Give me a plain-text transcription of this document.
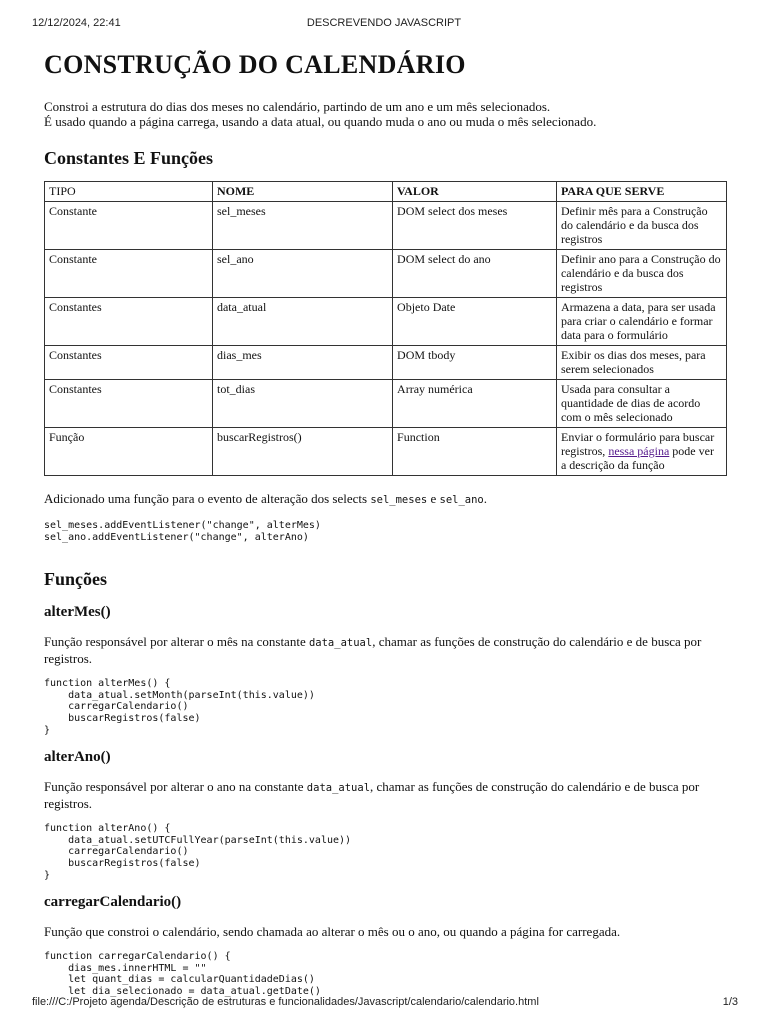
12/12/2024, 22:41	DESCREVENDO JAVASCRIPT
CONSTRUÇÃO DO CALENDÁRIO

Constroi a estrutura do dias dos meses no calendário, partindo de um ano e um mês selecionados.
É usado quando a página carrega, usando a data atual, ou quando muda o ano ou muda o mês selecionado.

Constantes E Funções
TIPO	NOME	VALOR	PARA QUE SERVE
Constante	sel_meses	DOM select dos meses	Definir mês para a Construção do calendário e da busca dos registros
Constante	sel_ano	DOM select do ano	Definir ano para a Construção do calendário e da busca dos registros
Constantes	data_atual	Objeto Date	Armazena a data, para ser usada para criar o calendário e formar data para o formulário
Constantes	dias_mes	DOM tbody	Exibir os dias dos meses, para serem selecionados
Constantes	tot_dias	Array numérica	Usada para consultar a quantidade de dias de acordo com o mês selecionado
Função	buscarRegistros()	Function	Enviar o formulário para buscar registros, nessa página pode ver a descrição da função

Adicionado uma função para o evento de alteração dos selects sel_meses e sel_ano.

sel_meses.addEventListener("change", alterMes)
sel_ano.addEventListener("change", alterAno)
Funções
alterMes()

Função responsável por alterar o mês na constante data_atual, chamar as funções de construção do calendário e de busca por registros.

function alterMes() {
data_atual.setMonth(parseInt(this.value))
carregarCalendario()
buscarRegistros(false)
}
alterAno()

Função responsável por alterar o ano na constante data_atual, chamar as funções de construção do calendário e de busca por registros.

function alterAno() {
data_atual.setUTCFullYear(parseInt(this.value))
carregarCalendario()
buscarRegistros(false)
}
carregarCalendario()

Função que constroi o calendário, sendo chamada ao alterar o mês ou o ano, ou quando a página for carregada.

function carregarCalendario() {
dias_mes.innerHTML = ""
let quant_dias = calcularQuantidadeDias()
let dia_selecionado = data_atual.getDate()
file:///C:/Projeto agenda/Descrição de estruturas e funcionalidades/Javascript/calendario/calendario.html	1/3
